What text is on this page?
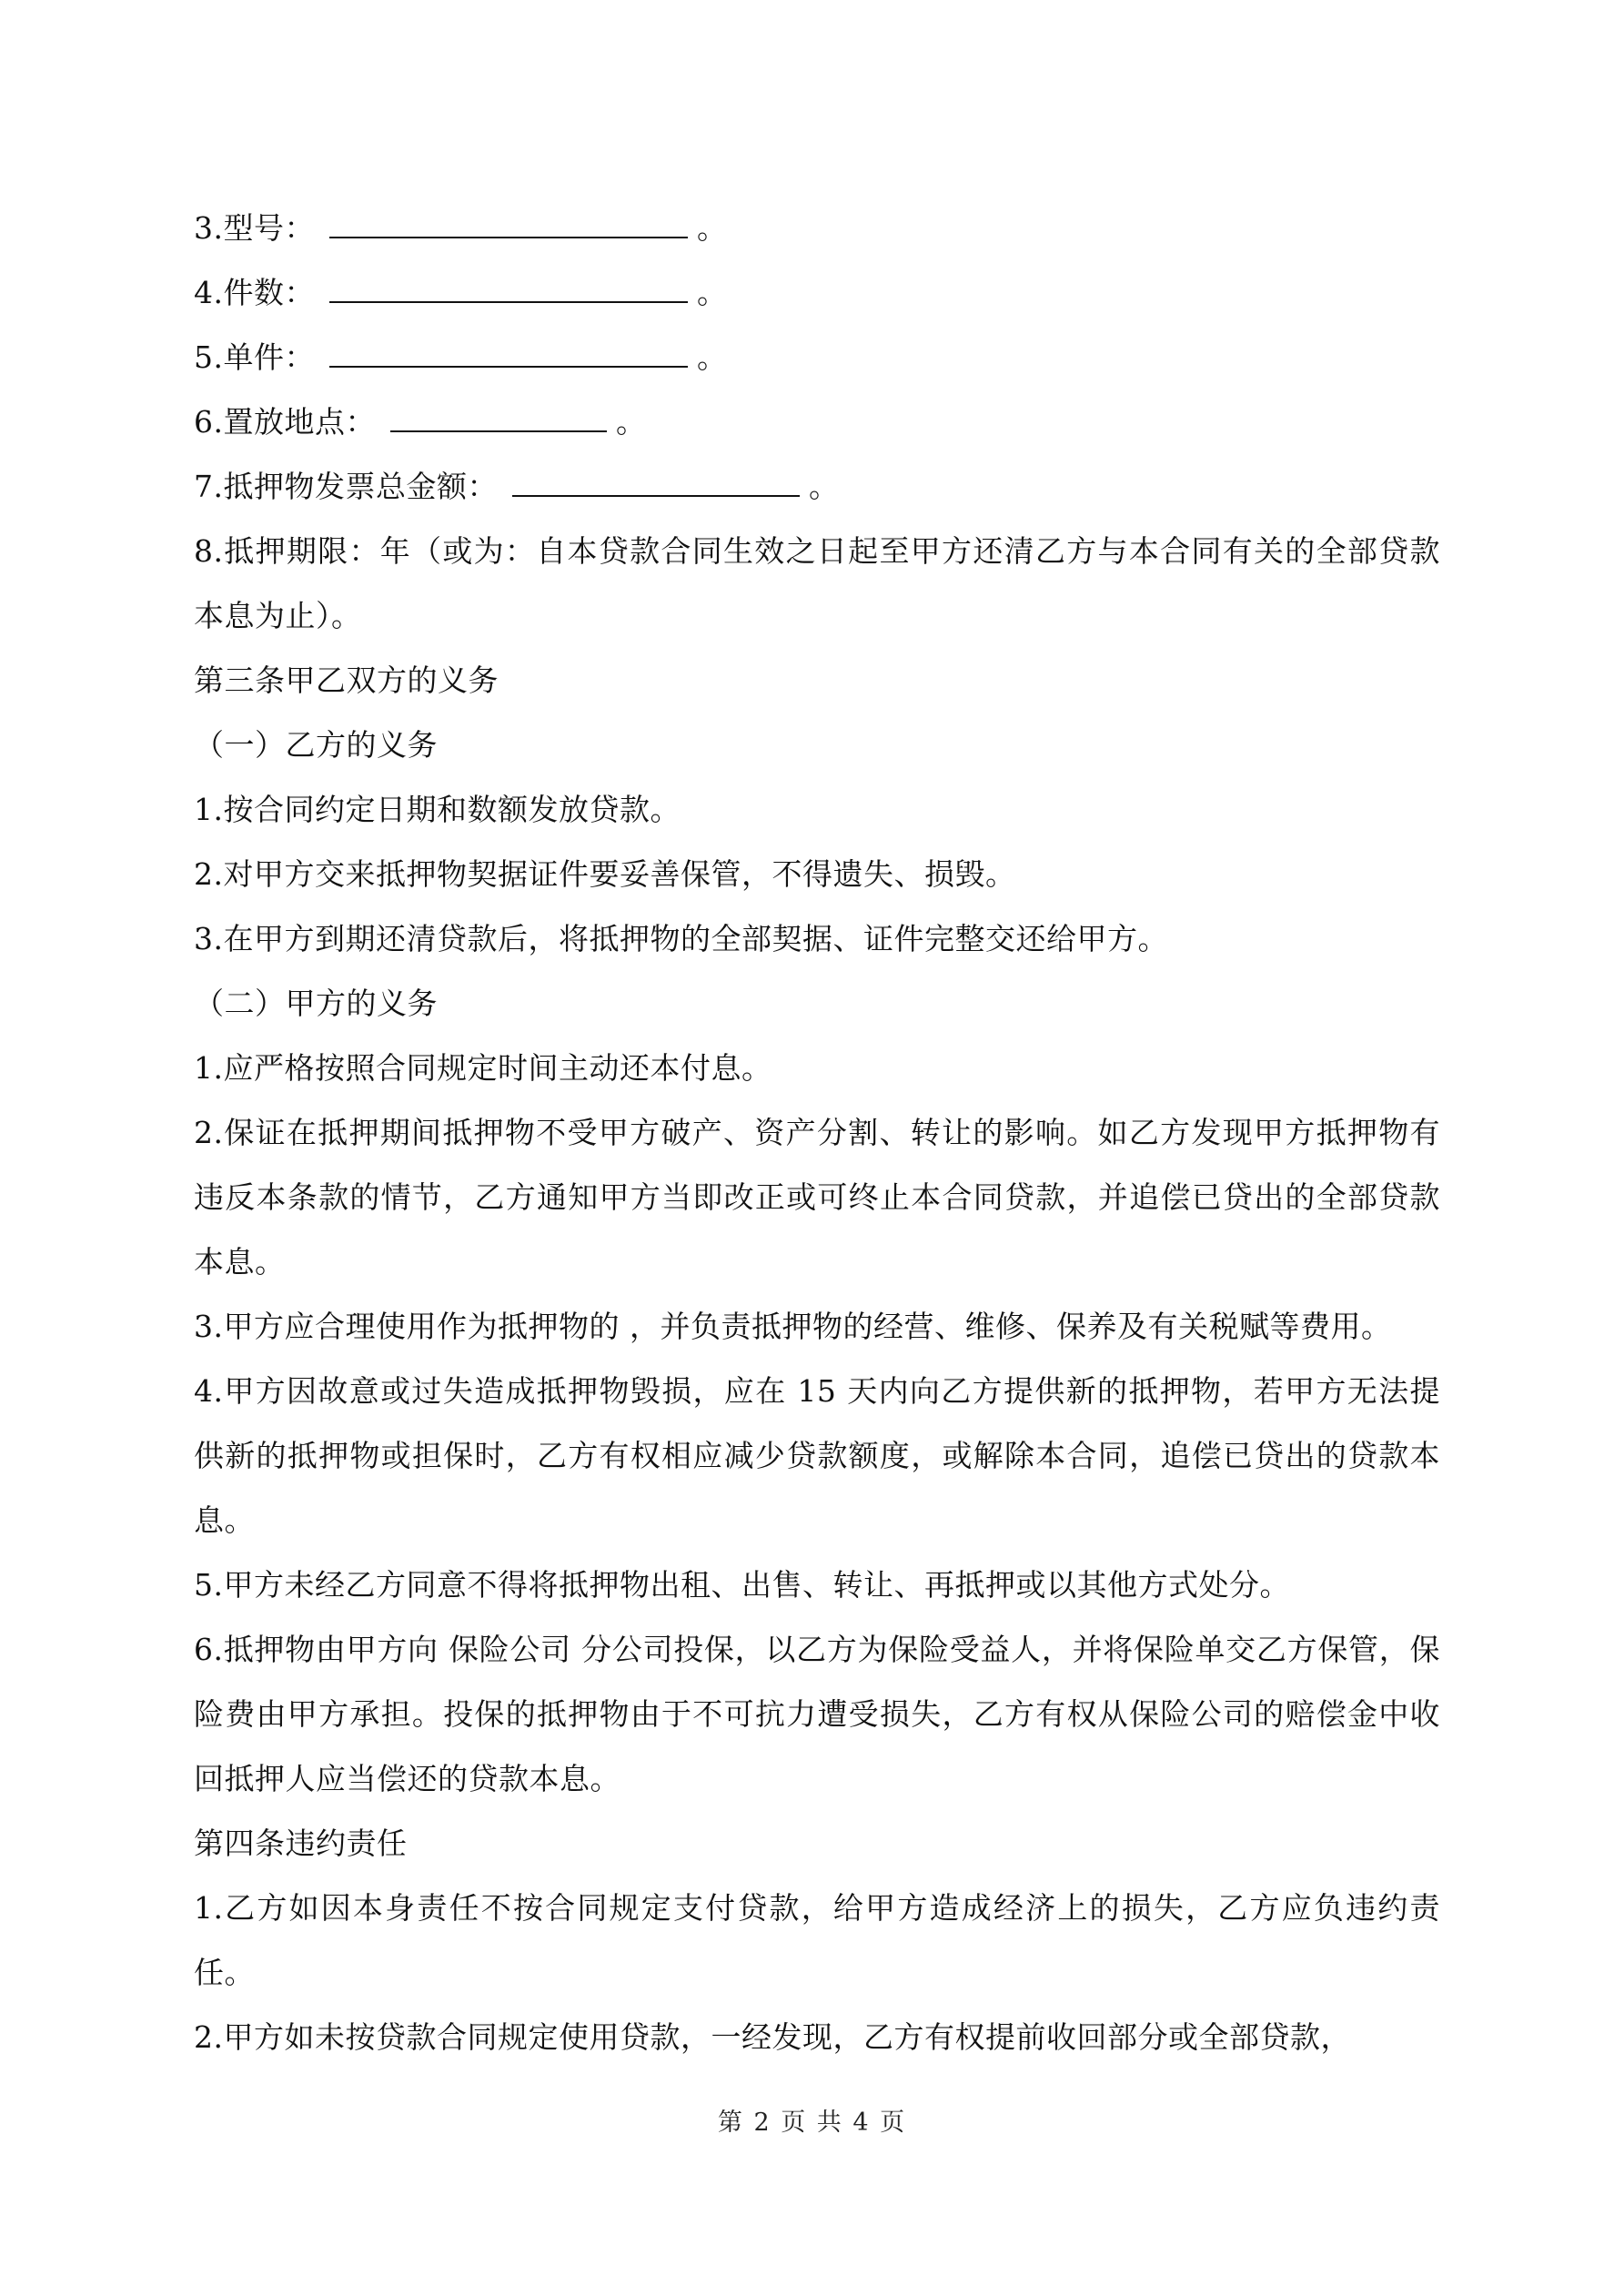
3.型号：	。
4.件数：	。
5.单件：	。
6.置放地点：	。
7.抵押物发票总金额：	。
8.抵押期限：年（或为：自本贷款合同生效之日起至甲方还清乙方与本合同有关的全部贷款本息为止）。
第三条甲乙双方的义务
（一）乙方的义务
1.按合同约定日期和数额发放贷款。
2.对甲方交来抵押物契据证件要妥善保管，不得遗失、损毁。
3.在甲方到期还清贷款后，将抵押物的全部契据、证件完整交还给甲方。
（二）甲方的义务
1.应严格按照合同规定时间主动还本付息。
2.保证在抵押期间抵押物不受甲方破产、资产分割、转让的影响。如乙方发现甲方抵押物有违反本条款的情节，乙方通知甲方当即改正或可终止本合同贷款，并追偿已贷出的全部贷款本息。
3.甲方应合理使用作为抵押物的 ，并负责抵押物的经营、维修、保养及有关税赋等费用。
4.甲方因故意或过失造成抵押物毁损，应在 15 天内向乙方提供新的抵押物，若甲方无法提供新的抵押物或担保时，乙方有权相应减少贷款额度，或解除本合同，追偿已贷出的贷款本息。
5.甲方未经乙方同意不得将抵押物出租、出售、转让、再抵押或以其他方式处分。
6.抵押物由甲方向 保险公司 分公司投保，以乙方为保险受益人，并将保险单交乙方保管，保险费由甲方承担。投保的抵押物由于不可抗力遭受损失，乙方有权从保险公司的赔偿金中收回抵押人应当偿还的贷款本息。
第四条违约责任
1.乙方如因本身责任不按合同规定支付贷款，给甲方造成经济上的损失，乙方应负违约责任。
2.甲方如未按贷款合同规定使用贷款，一经发现，乙方有权提前收回部分或全部贷款，
第 2 页 共 4 页
